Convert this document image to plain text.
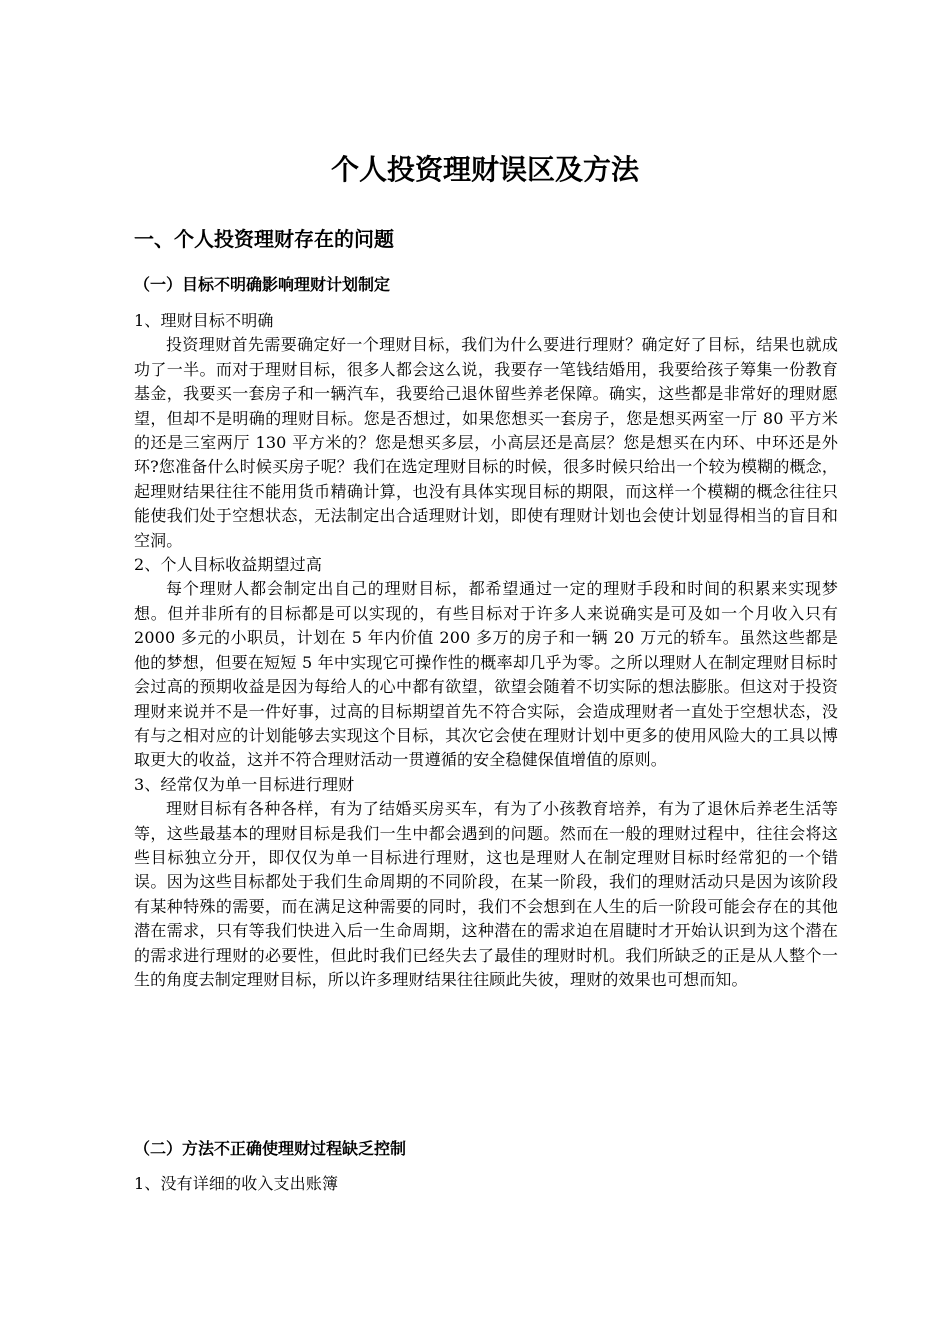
个人投资理财误区及方法
一、个人投资理财存在的问题
（一）目标不明确影响理财计划制定

1、理财目标不明确

投资理财首先需要确定好一个理财目标，我们为什么要进行理财？确定好了目标，结果也就成功了一半。而对于理财目标，很多人都会这么说，我要存一笔钱结婚用，我要给孩子筹集一份教育基金，我要买一套房子和一辆汽车，我要给己退休留些养老保障。确实，这些都是非常好的理财愿望，但却不是明确的理财目标。您是否想过，如果您想买一套房子，您是想买两室一厅 80 平方米的还是三室两厅 130 平方米的？您是想买多层，小高层还是高层？您是想买在内环、中环还是外环?您准备什么时候买房子呢？我们在选定理财目标的时候，很多时候只给出一个较为模糊的概念，起理财结果往往不能用货币精确计算，也没有具体实现目标的期限，而这样一个模糊的概念往往只能使我们处于空想状态，无法制定出合适理财计划，即使有理财计划也会使计划显得相当的盲目和空洞。

2、个人目标收益期望过高

每个理财人都会制定出自己的理财目标，都希望通过一定的理财手段和时间的积累来实现梦想。但并非所有的目标都是可以实现的，有些目标对于许多人来说确实是可及如一个月收入只有 2000 多元的小职员，计划在 5 年内价值 200 多万的房子和一辆 20 万元的轿车。虽然这些都是他的梦想，但要在短短 5 年中实现它可操作性的概率却几乎为零。之所以理财人在制定理财目标时会过高的预期收益是因为每给人的心中都有欲望，欲望会随着不切实际的想法膨胀。但这对于投资理财来说并不是一件好事，过高的目标期望首先不符合实际，会造成理财者一直处于空想状态，没有与之相对应的计划能够去实现这个目标，其次它会使在理财计划中更多的使用风险大的工具以博取更大的收益，这并不符合理财活动一贯遵循的安全稳健保值增值的原则。

3、经常仅为单一目标进行理财

理财目标有各种各样，有为了结婚买房买车，有为了小孩教育培养，有为了退休后养老生活等等，这些最基本的理财目标是我们一生中都会遇到的问题。然而在一般的理财过程中，往往会将这些目标独立分开，即仅仅为单一目标进行理财，这也是理财人在制定理财目标时经常犯的一个错误。因为这些目标都处于我们生命周期的不同阶段，在某一阶段，我们的理财活动只是因为该阶段有某种特殊的需要，而在满足这种需要的同时，我们不会想到在人生的后一阶段可能会存在的其他潜在需求，只有等我们快进入后一生命周期，这种潜在的需求迫在眉睫时才开始认识到为这个潜在的需求进行理财的必要性，但此时我们已经失去了最佳的理财时机。我们所缺乏的正是从人整个一生的角度去制定理财目标，所以许多理财结果往往顾此失彼，理财的效果也可想而知。

（二）方法不正确使理财过程缺乏控制

1、没有详细的收入支出账簿
